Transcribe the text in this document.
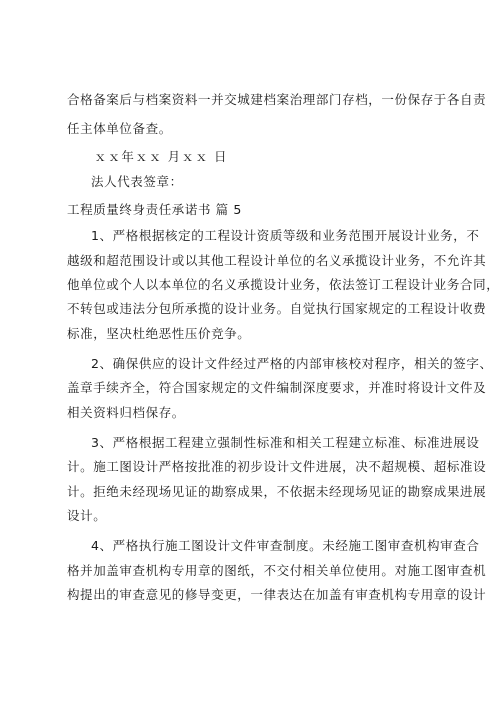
合格备案后与档案资料一并交城建档案治理部门存档，一份保存于各自责
任主体单位备查。
ｘｘ年ｘｘ 月ｘｘ 日
法人代表签章：
工程质量终身责任承诺书 篇 5
1、严格根据核定的工程设计资质等级和业务范围开展设计业务，不
越级和超范围设计或以其他工程设计单位的名义承揽设计业务，不允许其
他单位或个人以本单位的名义承揽设计业务，依法签订工程设计业务合同，
不转包或违法分包所承揽的设计业务。自觉执行国家规定的工程设计收费
标准，坚决杜绝恶性压价竞争。
2、确保供应的设计文件经过严格的内部审核校对程序，相关的签字、
盖章手续齐全，符合国家规定的文件编制深度要求，并准时将设计文件及
相关资料归档保存。
3、严格根据工程建立强制性标准和相关工程建立标准、标准进展设
计。施工图设计严格按批准的初步设计文件进展，决不超规模、超标准设
计。拒绝未经现场见证的勘察成果，不依据未经现场见证的勘察成果进展
设计。
4、严格执行施工图设计文件审查制度。未经施工图审查机构审查合
格并加盖审查机构专用章的图纸，不交付相关单位使用。对施工图审查机
构提出的审查意见的修导变更，一律表达在加盖有审查机构专用章的设计
